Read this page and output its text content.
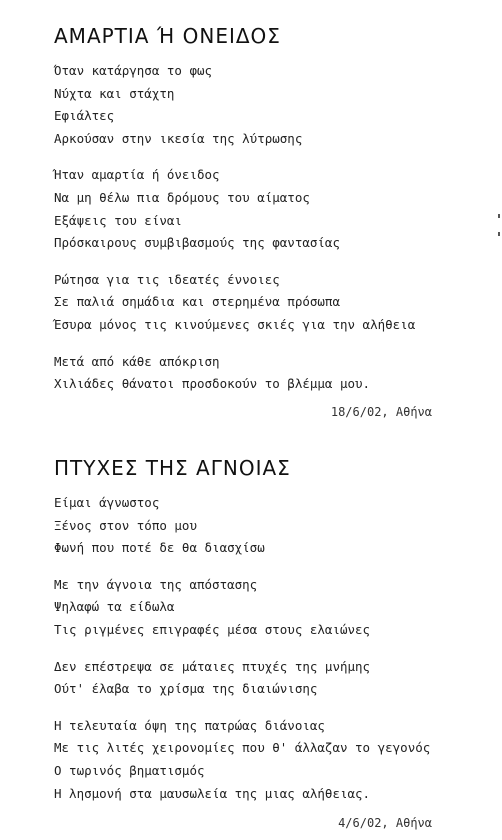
ΑΜΑΡΤΙΑ Ή ΟΝΕΙΔΟΣ
Όταν κατάργησα το φως
Νύχτα και στάχτη
Εφιάλτες
Αρκούσαν στην ικεσία της λύτρωσης
Ήταν αμαρτία ή όνειδος
Να μη θέλω πια δρόμους του αίματος
Εξάψεις του είναι
Πρόσκαιρους συμβιβασμούς της φαντασίας
Ρώτησα για τις ιδεατές έννοιες
Σε παλιά σημάδια και στερημένα πρόσωπα
Έσυρα μόνος τις κινούμενες σκιές για την αλήθεια
Μετά από κάθε απόκριση
Χιλιάδες θάνατοι προσδοκούν το βλέμμα μου.
18/6/02, Αθήνα
ΠΤΥΧΕΣ ΤΗΣ ΑΓΝΟΙΑΣ
Είμαι άγνωστος
Ξένος στον τόπο μου
Φωνή που ποτέ δε θα διασχίσω
Με την άγνοια της απόστασης
Ψηλαφώ τα είδωλα
Τις ριγμένες επιγραφές μέσα στους ελαιώνες
Δεν επέστρεψα σε μάταιες πτυχές της μνήμης
Ούτ' έλαβα το χρίσμα της διαιώνισης
Η τελευταία όψη της πατρώας διάνοιας
Με τις λιτές χειρονομίες που θ' άλλαζαν το γεγονός
Ο τωρινός βηματισμός
Η λησμονή στα μαυσωλεία της μιας αλήθειας.
4/6/02, Αθήνα
